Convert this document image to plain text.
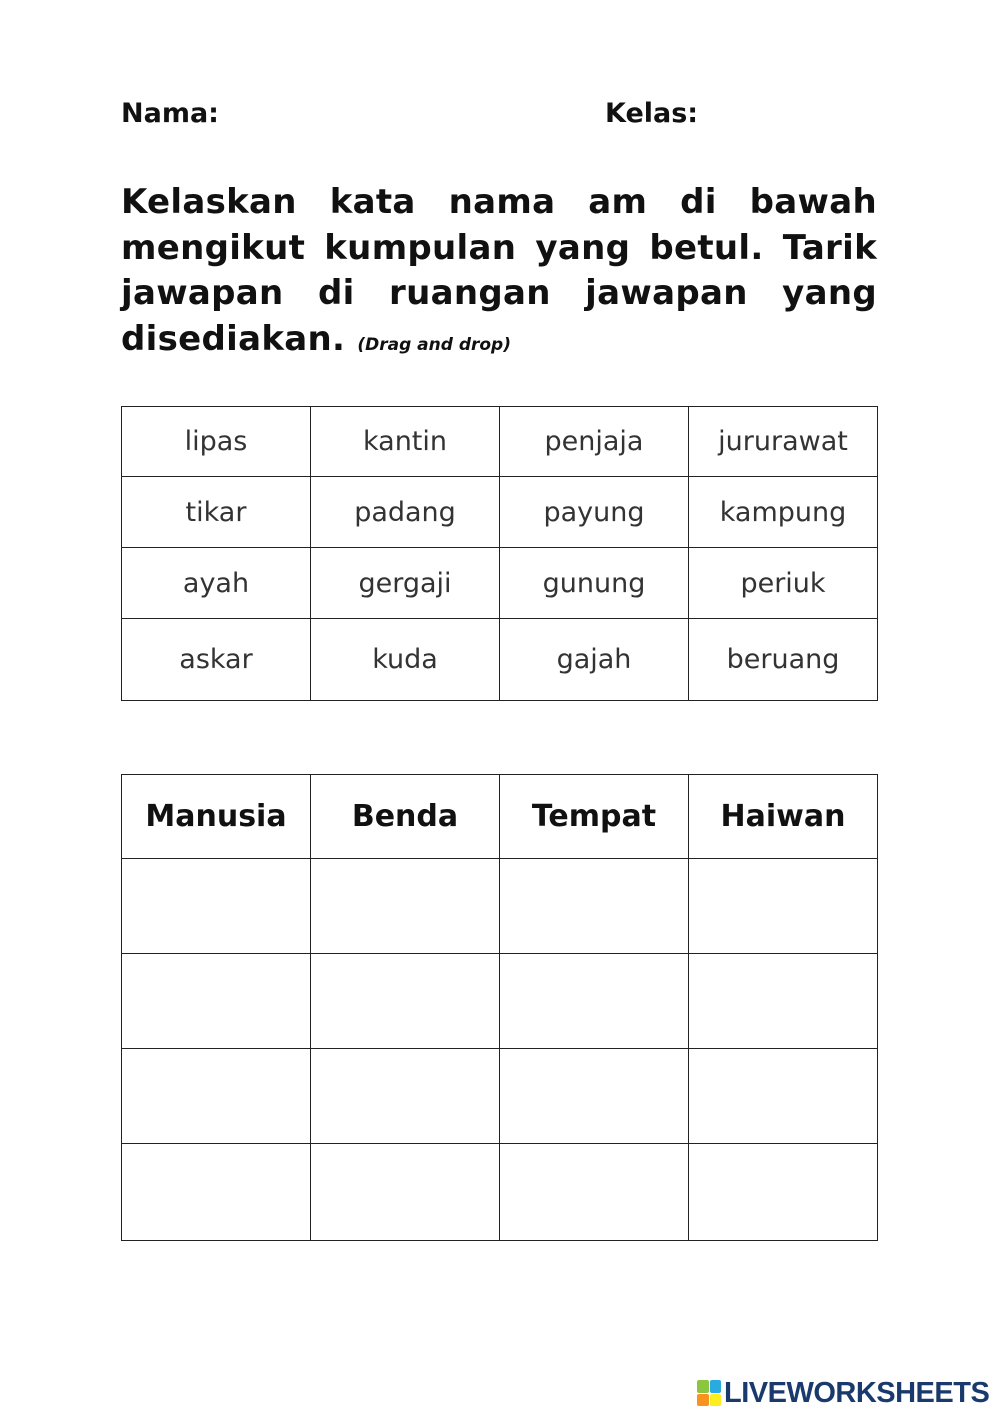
Nama:	Kelas:
Kelaskan kata nama am di bawah mengikut kumpulan yang betul. Tarik jawapan di ruangan jawapan yang disediakan. (Drag and drop)
lipas	kantin	penjaja	jururawat
tikar	padang	payung	kampung
ayah	gergaji	gunung	periuk
askar	kuda	gajah	beruang
Manusia	Benda	Tempat	Haiwan

LIVEWORKSHEETS
